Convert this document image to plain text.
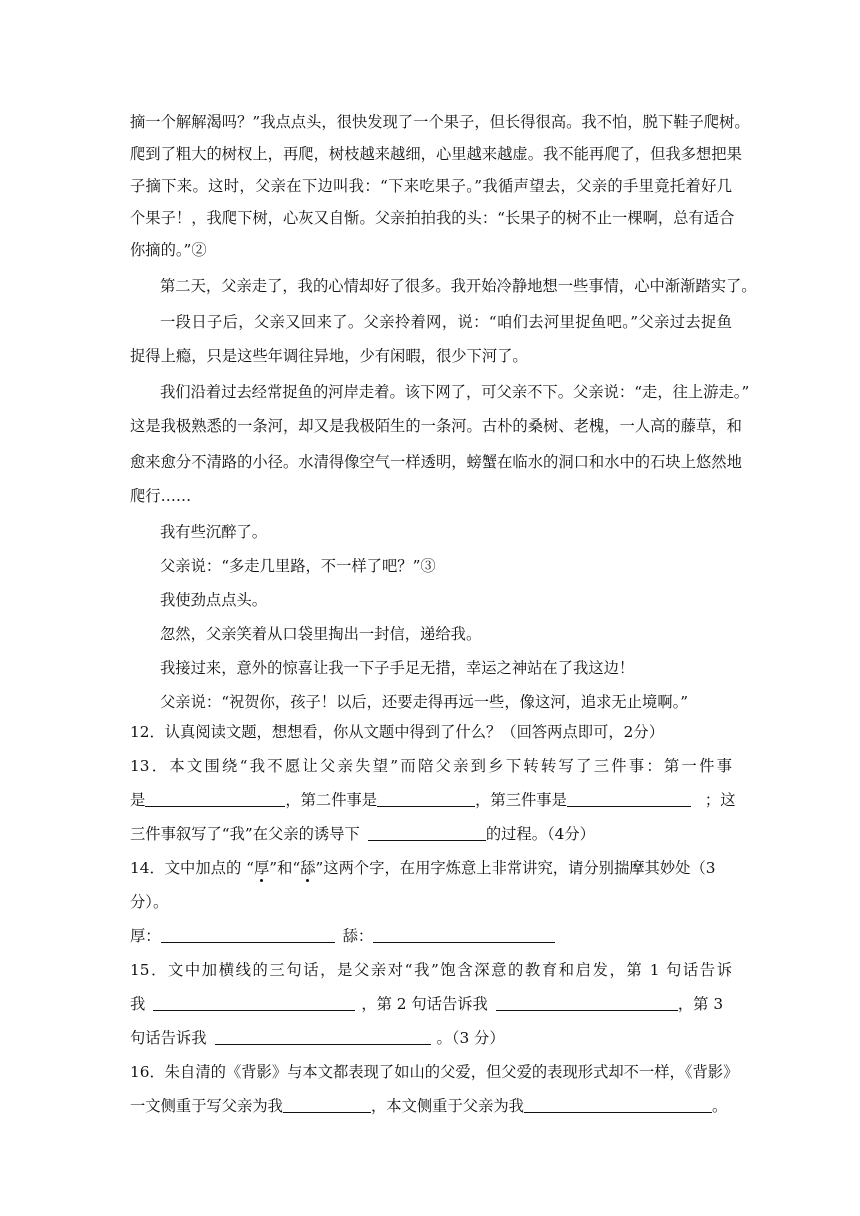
摘一个解解渴吗？”我点点头，很快发现了一个果子，但长得很高。我不怕，脱下鞋子爬树。
爬到了粗大的树杈上，再爬，树枝越来越细，心里越来越虚。我不能再爬了，但我多想把果
子摘下来。这时，父亲在下边叫我：“下来吃果子。”我循声望去，父亲的手里竟托着好几
个果子！，我爬下树，心灰又自惭。父亲拍拍我的头：“长果子的树不止一棵啊，总有适合
你摘的。”②
第二天，父亲走了，我的心情却好了很多。我开始冷静地想一些事情，心中渐渐踏实了。
一段日子后，父亲又回来了。父亲拎着网，说：“咱们去河里捉鱼吧。”父亲过去捉鱼
捉得上瘾，只是这些年调往异地，少有闲暇，很少下河了。
我们沿着过去经常捉鱼的河岸走着。该下网了，可父亲不下。父亲说：“走，往上游走。”
这是我极熟悉的一条河，却又是我极陌生的一条河。古朴的桑树、老槐，一人高的藤草，和
愈来愈分不清路的小径。水清得像空气一样透明，螃蟹在临水的洞口和水中的石块上悠然地
爬行……
我有些沉醉了。
父亲说：“多走几里路，不一样了吧？”③
我使劲点点头。
忽然，父亲笑着从口袋里掏出一封信，递给我。
我接过来，意外的惊喜让我一下子手足无措，幸运之神站在了我这边！
父亲说：“祝贺你，孩子！以后，还要走得再远一些，像这河，追求无止境啊。”
12．认真阅读文题，想想看，你从文题中得到了什么？（回答两点即可，2分）
13．本文围绕“我不愿让父亲失望”而陪父亲到乡下转转写了三件事：第一件事
是	，第二件事是	，第三件事是	；这
三件事叙写了“我”在父亲的诱导下	的过程。（4分）
14．文中加点的 “厚”和“舔”这两个字，在用字炼意上非常讲究，请分别揣摩其妙处（3
分）。
厚：	舔：
15．文中加横线的三句话，是父亲对“我”饱含深意的教育和启发，第 1 句话告诉
我	，第 2 句话告诉我	，第 3
句话告诉我	。（3 分）
16．朱自清的《背影》与本文都表现了如山的父爱，但父爱的表现形式却不一样，《背影》
一文侧重于写父亲为我	，本文侧重于父亲为我	。
